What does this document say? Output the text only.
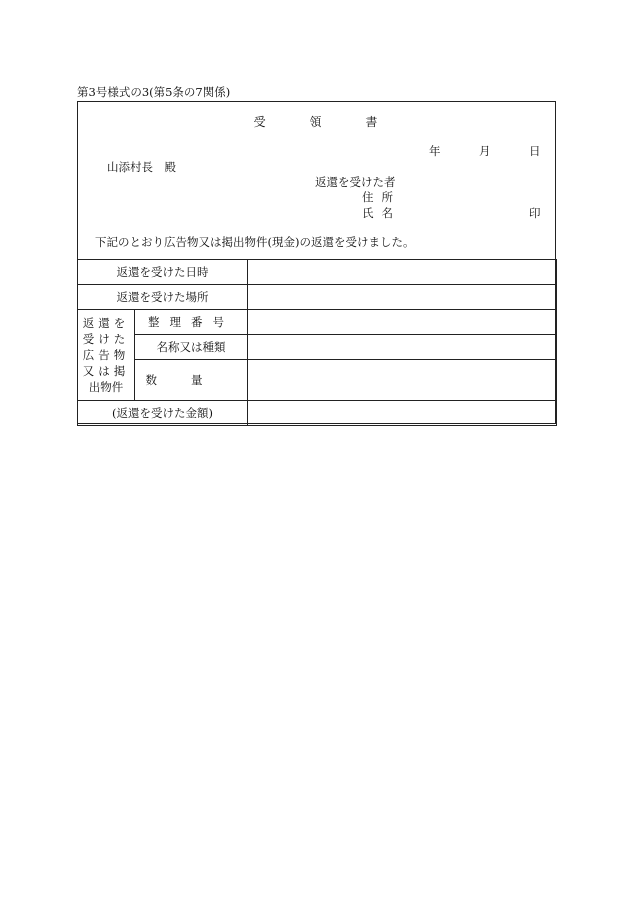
第3号様式の3(第5条の7関係)
受	領	書
年	月	日
山添村長　殿
返還を受けた者
住所
氏名	印
下記のとおり広告物又は掲出物件(現金)の返還を受けました。
返還を受けた日時		
返還を受けた場所		

返還を
受けた
広告物
又は掲
出物件	整理番号	
	名称又は種類	
	数量	
(返還を受けた金額)		
